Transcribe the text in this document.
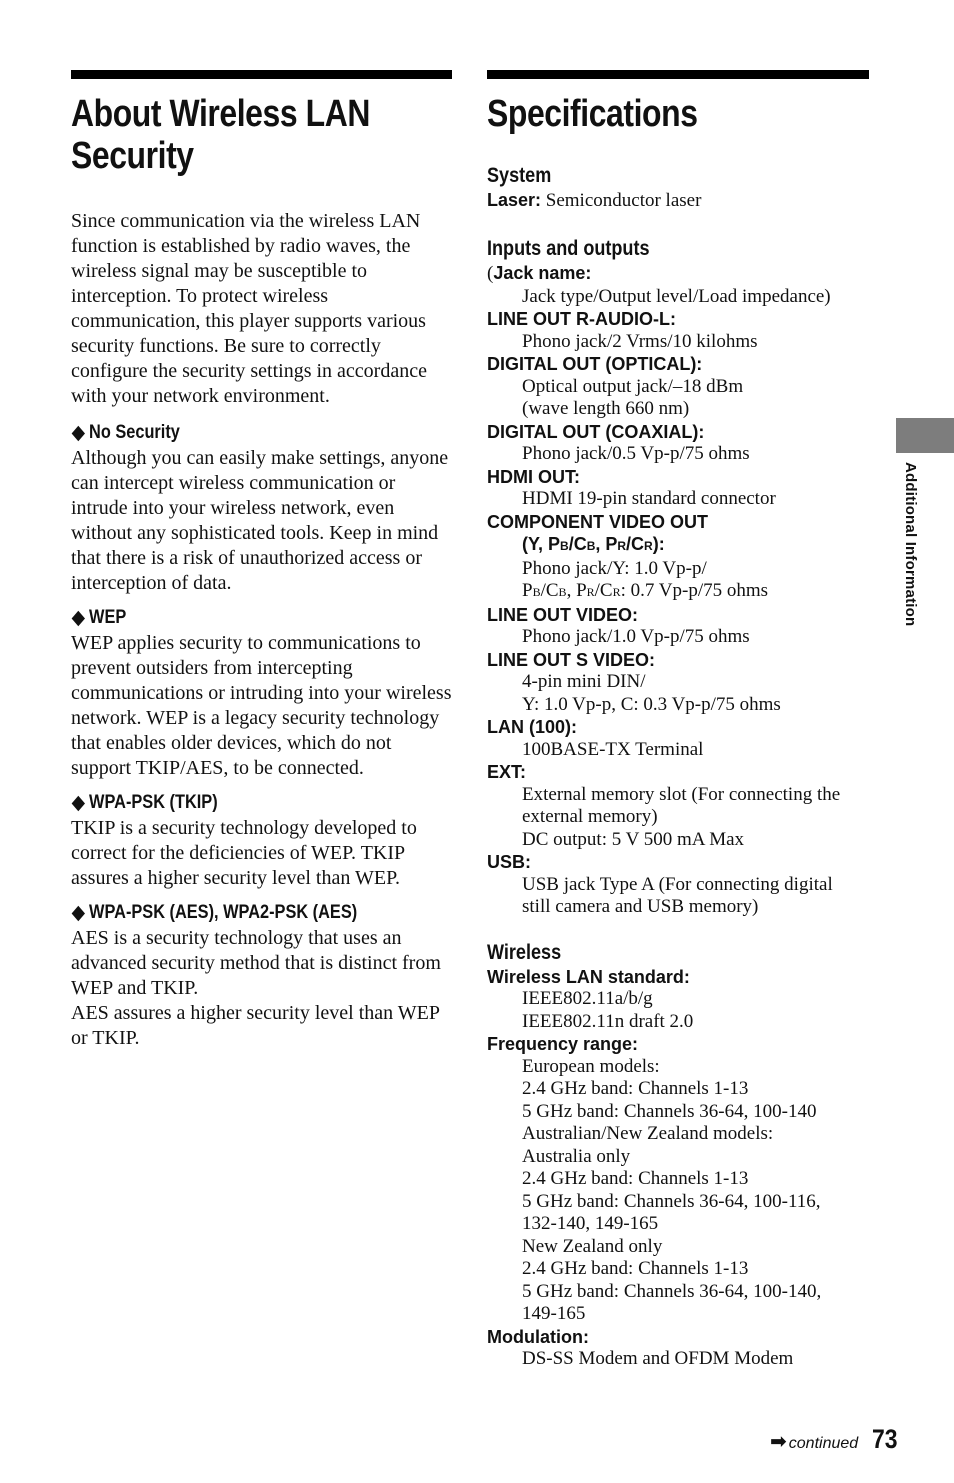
About Wireless LAN
Security

Since communication via the wireless LAN function is established by radio waves, the wireless signal may be susceptible to interception. To protect wireless communication, this player supports various security functions. Be sure to correctly configure the security settings in accordance with your network environment.

No Security

Although you can easily make settings, anyone can intercept wireless communication or intrude into your wireless network, even without any sophisticated tools. Keep in mind that there is a risk of unauthorized access or interception of data.

WEP

WEP applies security to communications to prevent outsiders from intercepting communications or intruding into your wireless network. WEP is a legacy security technology that enables older devices, which do not support TKIP/AES, to be connected.

WPA-PSK (TKIP)

TKIP is a security technology developed to correct for the deficiencies of WEP. TKIP assures a higher security level than WEP.

WPA-PSK (AES), WPA2-PSK (AES)

AES is a security technology that uses an advanced security method that is distinct from WEP and TKIP.

AES assures a higher security level than WEP or TKIP.

Specifications
System

Laser: Semiconductor laser

Inputs and outputs

(Jack name:

Jack type/Output level/Load impedance)

LINE OUT R-AUDIO-L:

Phono jack/2 Vrms/10 kilohms

DIGITAL OUT (OPTICAL):

Optical output jack/–18 dBm

(wave length 660 nm)

DIGITAL OUT (COAXIAL):

Phono jack/0.5 Vp-p/75 ohms

HDMI OUT:

HDMI 19-pin standard connector

COMPONENT VIDEO OUT

(Y, PB/CB, PR/CR):

Phono jack/Y: 1.0 Vp-p/

PB/CB, PR/CR: 0.7 Vp-p/75 ohms

LINE OUT VIDEO:

Phono jack/1.0 Vp-p/75 ohms

LINE OUT S VIDEO:

4-pin mini DIN/

Y: 1.0 Vp-p, C: 0.3 Vp-p/75 ohms

LAN (100):

100BASE-TX Terminal

EXT:

External memory slot (For connecting the

external memory)

DC output: 5 V 500 mA Max

USB:

USB jack Type A (For connecting digital

still camera and USB memory)

Wireless

Wireless LAN standard:

IEEE802.11a/b/g

IEEE802.11n draft 2.0

Frequency range:

European models:

2.4 GHz band: Channels 1-13

5 GHz band: Channels 36-64, 100-140

Australian/New Zealand models:

Australia only

2.4 GHz band: Channels 1-13

5 GHz band: Channels 36-64, 100-116,

132-140, 149-165

New Zealand only

2.4 GHz band: Channels 1-13

5 GHz band: Channels 36-64, 100-140,

149-165

Modulation:

DS-SS Modem and OFDM Modem

Additional Information
➡ continued 73
